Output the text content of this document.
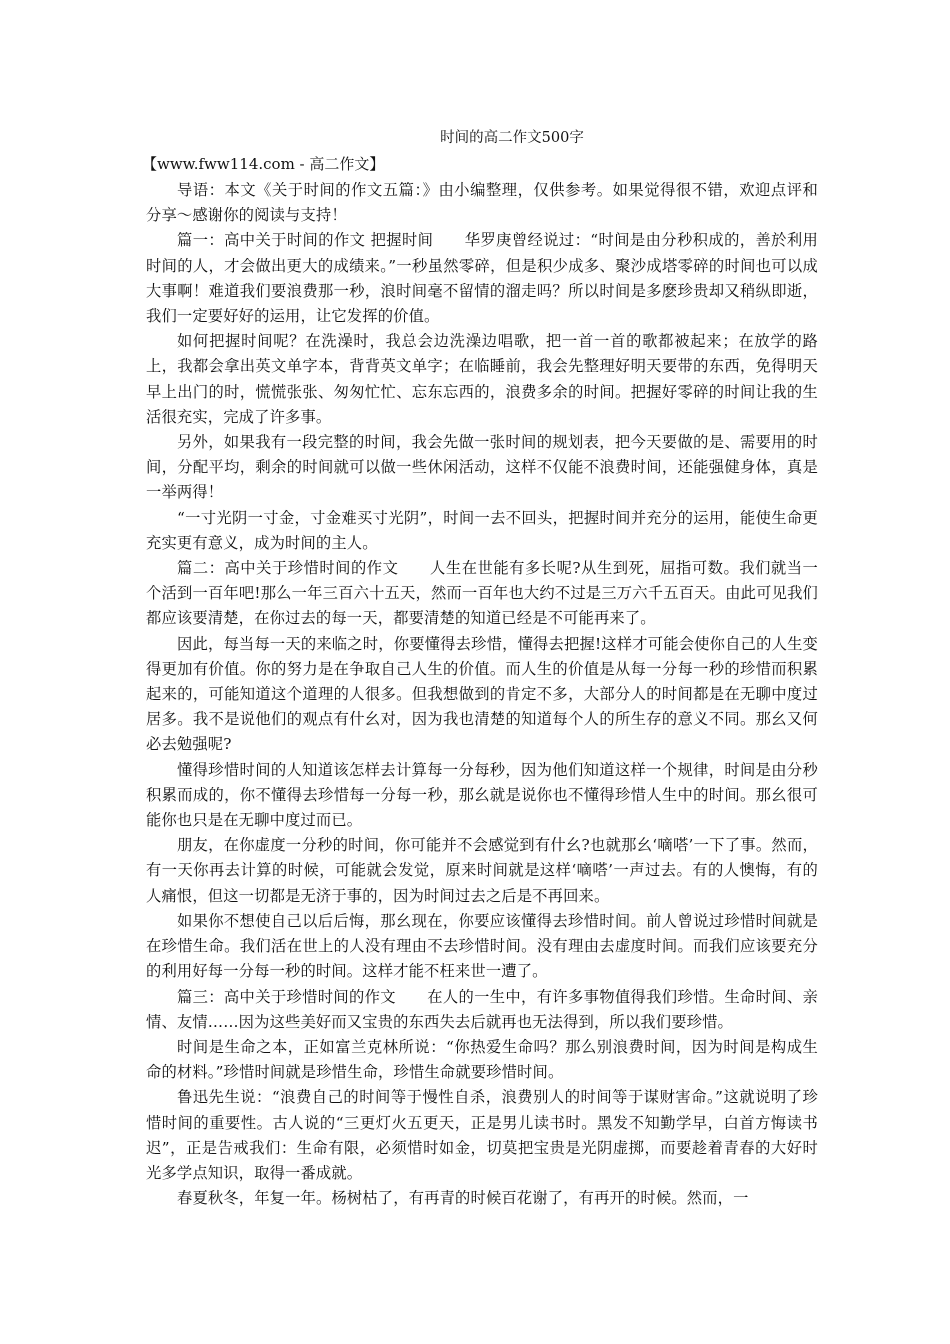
时间的高二作文500字
【www.fww114.com - 高二作文】

导语：本文《关于时间的作文五篇：》由小编整理，仅供参考。如果觉得很不错，欢迎点评和分享～感谢你的阅读与支持！

篇一：高中关于时间的作文 把握时间　　华罗庚曾经说过：“时间是由分秒积成的，善於利用时间的人，才会做出更大的成绩来。”一秒虽然零碎，但是积少成多、聚沙成塔零碎的时间也可以成大事啊！难道我们要浪费那一秒，浪时间毫不留情的溜走吗？所以时间是多麽珍贵却又稍纵即逝，我们一定要好好的运用，让它发挥的价值。

如何把握时间呢？在洗澡时，我总会边洗澡边唱歌，把一首一首的歌都被起来；在放学的路上，我都会拿出英文单字本，背背英文单字；在临睡前，我会先整理好明天要带的东西，免得明天早上出门的时，慌慌张张、匆匆忙忙、忘东忘西的，浪费多余的时间。把握好零碎的时间让我的生活很充实，完成了许多事。

另外，如果我有一段完整的时间，我会先做一张时间的规划表，把今天要做的是、需要用的时间，分配平均，剩余的时间就可以做一些休闲活动，这样不仅能不浪费时间，还能强健身体，真是一举两得！

“一寸光阴一寸金，寸金难买寸光阴”，时间一去不回头，把握时间并充分的运用，能使生命更充实更有意义，成为时间的主人。

篇二：高中关于珍惜时间的作文　　人生在世能有多长呢?从生到死，屈指可数。我们就当一个活到一百年吧!那么一年三百六十五天，然而一百年也大约不过是三万六千五百天。由此可见我们都应该要清楚，在你过去的每一天，都要清楚的知道已经是不可能再来了。

因此，每当每一天的来临之时，你要懂得去珍惜，懂得去把握!这样才可能会使你自己的人生变得更加有价值。你的努力是在争取自己人生的价值。而人生的价值是从每一分每一秒的珍惜而积累起来的，可能知道这个道理的人很多。但我想做到的肯定不多，大部分人的时间都是在无聊中度过居多。我不是说他们的观点有什幺对，因为我也清楚的知道每个人的所生存的意义不同。那幺又何必去勉强呢?

懂得珍惜时间的人知道该怎样去计算每一分每秒，因为他们知道这样一个规律，时间是由分秒积累而成的，你不懂得去珍惜每一分每一秒，那幺就是说你也不懂得珍惜人生中的时间。那幺很可能你也只是在无聊中度过而已。

朋友，在你虚度一分秒的时间，你可能并不会感觉到有什幺?也就那幺‘嘀嗒’一下了事。然而，有一天你再去计算的时候，可能就会发觉，原来时间就是这样‘嘀嗒’一声过去。有的人懊悔，有的人痛恨，但这一切都是无济于事的，因为时间过去之后是不再回来。

如果你不想使自己以后后悔，那幺现在，你要应该懂得去珍惜时间。前人曾说过珍惜时间就是在珍惜生命。我们活在世上的人没有理由不去珍惜时间。没有理由去虚度时间。而我们应该要充分的利用好每一分每一秒的时间。这样才能不枉来世一遭了。

篇三：高中关于珍惜时间的作文　　在人的一生中，有许多事物值得我们珍惜。生命时间、亲情、友情……因为这些美好而又宝贵的东西失去后就再也无法得到，所以我们要珍惜。

时间是生命之本，正如富兰克林所说：“你热爱生命吗？那么别浪费时间，因为时间是构成生命的材料。”珍惜时间就是珍惜生命，珍惜生命就要珍惜时间。

鲁迅先生说：“浪费自己的时间等于慢性自杀，浪费别人的时间等于谋财害命。”这就说明了珍惜时间的重要性。古人说的“三更灯火五更天，正是男儿读书时。黑发不知勤学早，白首方悔读书迟”，正是告戒我们：生命有限，必须惜时如金，切莫把宝贵是光阴虚掷，而要趁着青春的大好时光多学点知识，取得一番成就。

春夏秋冬，年复一年。杨树枯了，有再青的时候百花谢了，有再开的时候。然而，一
